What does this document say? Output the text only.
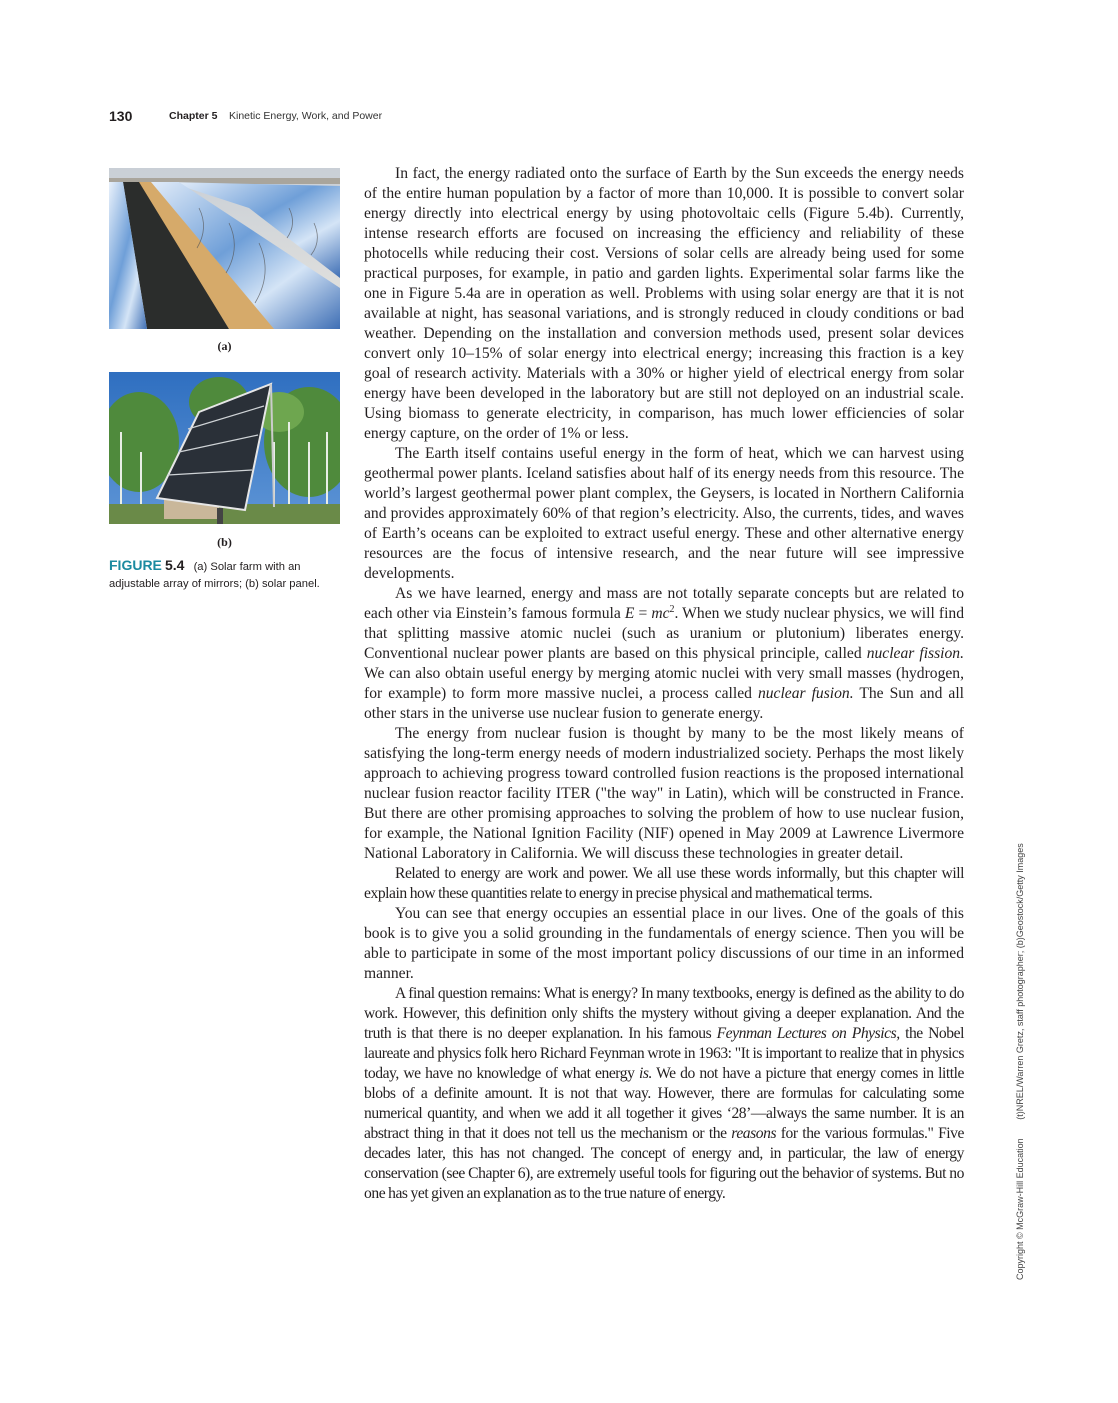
130	Chapter 5 Kinetic Energy, Work, and Power
(a)
(b)
FIGURE 5.4 (a) Solar farm with an adjustable array of mirrors; (b) solar panel.

In fact, the energy radiated onto the surface of Earth by the Sun exceeds the energy needs of the entire human population by a factor of more than 10,000. It is possible to convert solar energy directly into electrical energy by using photovoltaic cells (Figure 5.4b). Currently, intense research efforts are focused on increasing the efficiency and reliability of these photocells while reducing their cost. Versions of solar cells are already being used for some practical purposes, for example, in patio and garden lights. Experimental solar farms like the one in Figure 5.4a are in operation as well. Problems with using solar energy are that it is not available at night, has seasonal variations, and is strongly reduced in cloudy conditions or bad weather. Depending on the installation and conversion methods used, present solar devices convert only 10–15% of solar energy into electrical energy; increasing this fraction is a key goal of research activity. Materials with a 30% or higher yield of electrical energy from solar energy have been developed in the laboratory but are still not deployed on an industrial scale. Using biomass to generate electricity, in comparison, has much lower efficiencies of solar energy capture, on the order of 1% or less.

The Earth itself contains useful energy in the form of heat, which we can harvest using geothermal power plants. Iceland satisfies about half of its energy needs from this resource. The world’s largest geothermal power plant complex, the Geysers, is located in Northern California and provides approximately 60% of that region’s electricity. Also, the currents, tides, and waves of Earth’s oceans can be exploited to extract useful energy. These and other alternative energy resources are the focus of intensive research, and the near future will see impressive developments.

As we have learned, energy and mass are not totally separate concepts but are related to each other via Einstein’s famous formula $E = mc^2$. When we study nuclear physics, we will find that splitting massive atomic nuclei (such as uranium or plutonium) liberates energy. Conventional nuclear power plants are based on this physical principle, called nuclear fission. We can also obtain useful energy by merging atomic nuclei with very small masses (hydrogen, for example) to form more massive nuclei, a process called nuclear fusion. The Sun and all other stars in the universe use nuclear fusion to generate energy.

The energy from nuclear fusion is thought by many to be the most likely means of satisfying the long-term energy needs of modern industrialized society. Perhaps the most likely approach to achieving progress toward controlled fusion reactions is the proposed international nuclear fusion reactor facility ITER ("the way" in Latin), which will be constructed in France. But there are other promising approaches to solving the problem of how to use nuclear fusion, for example, the National Ignition Facility (NIF) opened in May 2009 at Lawrence Livermore National Laboratory in California. We will discuss these technologies in greater detail.

Related to energy are work and power. We all use these words informally, but this chapter will explain how these quantities relate to energy in precise physical and mathematical terms.

You can see that energy occupies an essential place in our lives. One of the goals of this book is to give you a solid grounding in the fundamentals of energy science. Then you will be able to participate in some of the most important policy discussions of our time in an informed manner.

A final question remains: What is energy? In many textbooks, energy is defined as the ability to do work. However, this definition only shifts the mystery without giving a deeper explanation. And the truth is that there is no deeper explanation. In his famous Feynman Lectures on Physics, the Nobel laureate and physics folk hero Richard Feynman wrote in 1963: "It is important to realize that in physics today, we have no knowledge of what energy is. We do not have a picture that energy comes in little blobs of a definite amount. It is not that way. However, there are formulas for calculating some numerical quantity, and when we add it all together it gives ‘28’—always the same number. It is an abstract thing in that it does not tell us the mechanism or the reasons for the various formulas." Five decades later, this has not changed. The concept of energy and, in particular, the law of energy conservation (see Chapter 6), are extremely useful tools for figuring out the behavior of systems. But no one has yet given an explanation as to the true nature of energy.	Copyright © McGraw-Hill Education (t)NREL/Warren Gretz, staff photographer; (b)Geostock/Getty Images
